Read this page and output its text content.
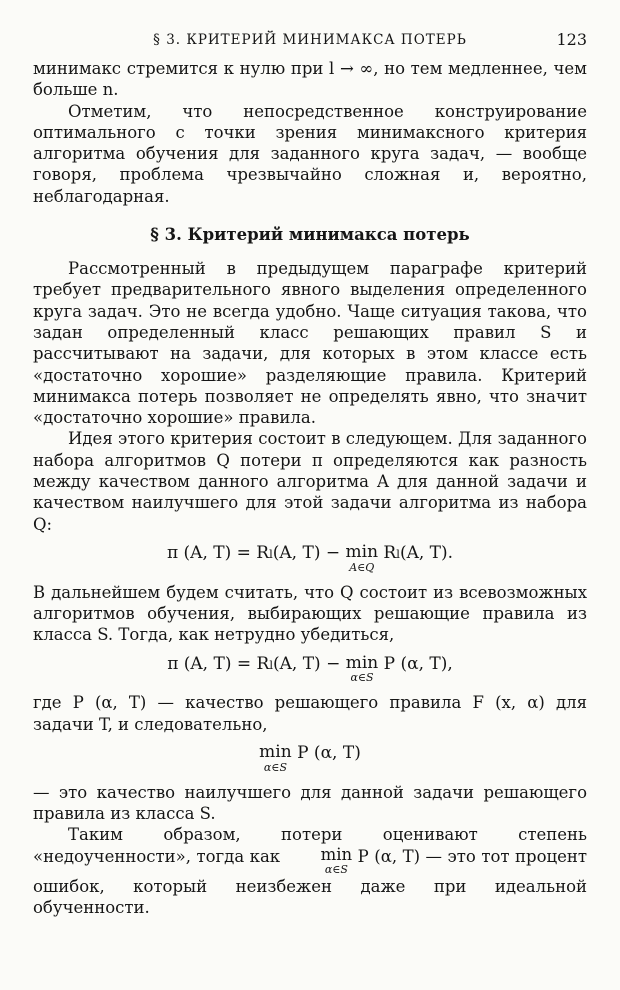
§ 3. КРИТЕРИЙ МИНИМАКСА ПОТЕРЬ	123

минимакс стремится к нулю при l → ∞, но тем медленнее, чем больше n.

Отметим, что непосредственное конструирование оптимального с точки зрения минимаксного критерия алгоритма обучения для заданного круга задач, — вообще говоря, проблема чрезвычайно сложная и, вероятно, неблагодарная.

§ 3. Критерий минимакса потерь

Рассмотренный в предыдущем параграфе критерий требует предварительного явного выделения определенного круга задач. Это не всегда удобно. Чаще ситуация такова, что задан определенный класс решающих правил S и рассчитывают на задачи, для которых в этом классе есть «достаточно хорошие» разделяющие правила. Критерий минимакса потерь позволяет не определять явно, что значит «достаточно хорошие» правила.

Идея этого критерия состоит в следующем. Для заданного набора алгоритмов Q потери π определяются как разность между качеством данного алгоритма A для данной задачи и качеством наилучшего для этой задачи алгоритма из набора Q:

π (A, T) = Rl(A, T) − min
A∈Q
Rl(A, T).

В дальнейшем будем считать, что Q состоит из всевозможных алгоритмов обучения, выбирающих решающие правила из класса S. Тогда, как нетрудно убедиться,

π (A, T) = Rl(A, T) − min
α∈S
P (α, T),

где P (α, T) — качество решающего правила F (x, α) для задачи T, и следовательно,

min
α∈S
P (α, T)

— это качество наилучшего для данной задачи решающего правила из класса S.

Таким образом, потери оценивают степень «недоученности», тогда как	min
α∈S
P (α, T) — это тот процент ошибок, который неизбежен даже при идеальной обученности.
